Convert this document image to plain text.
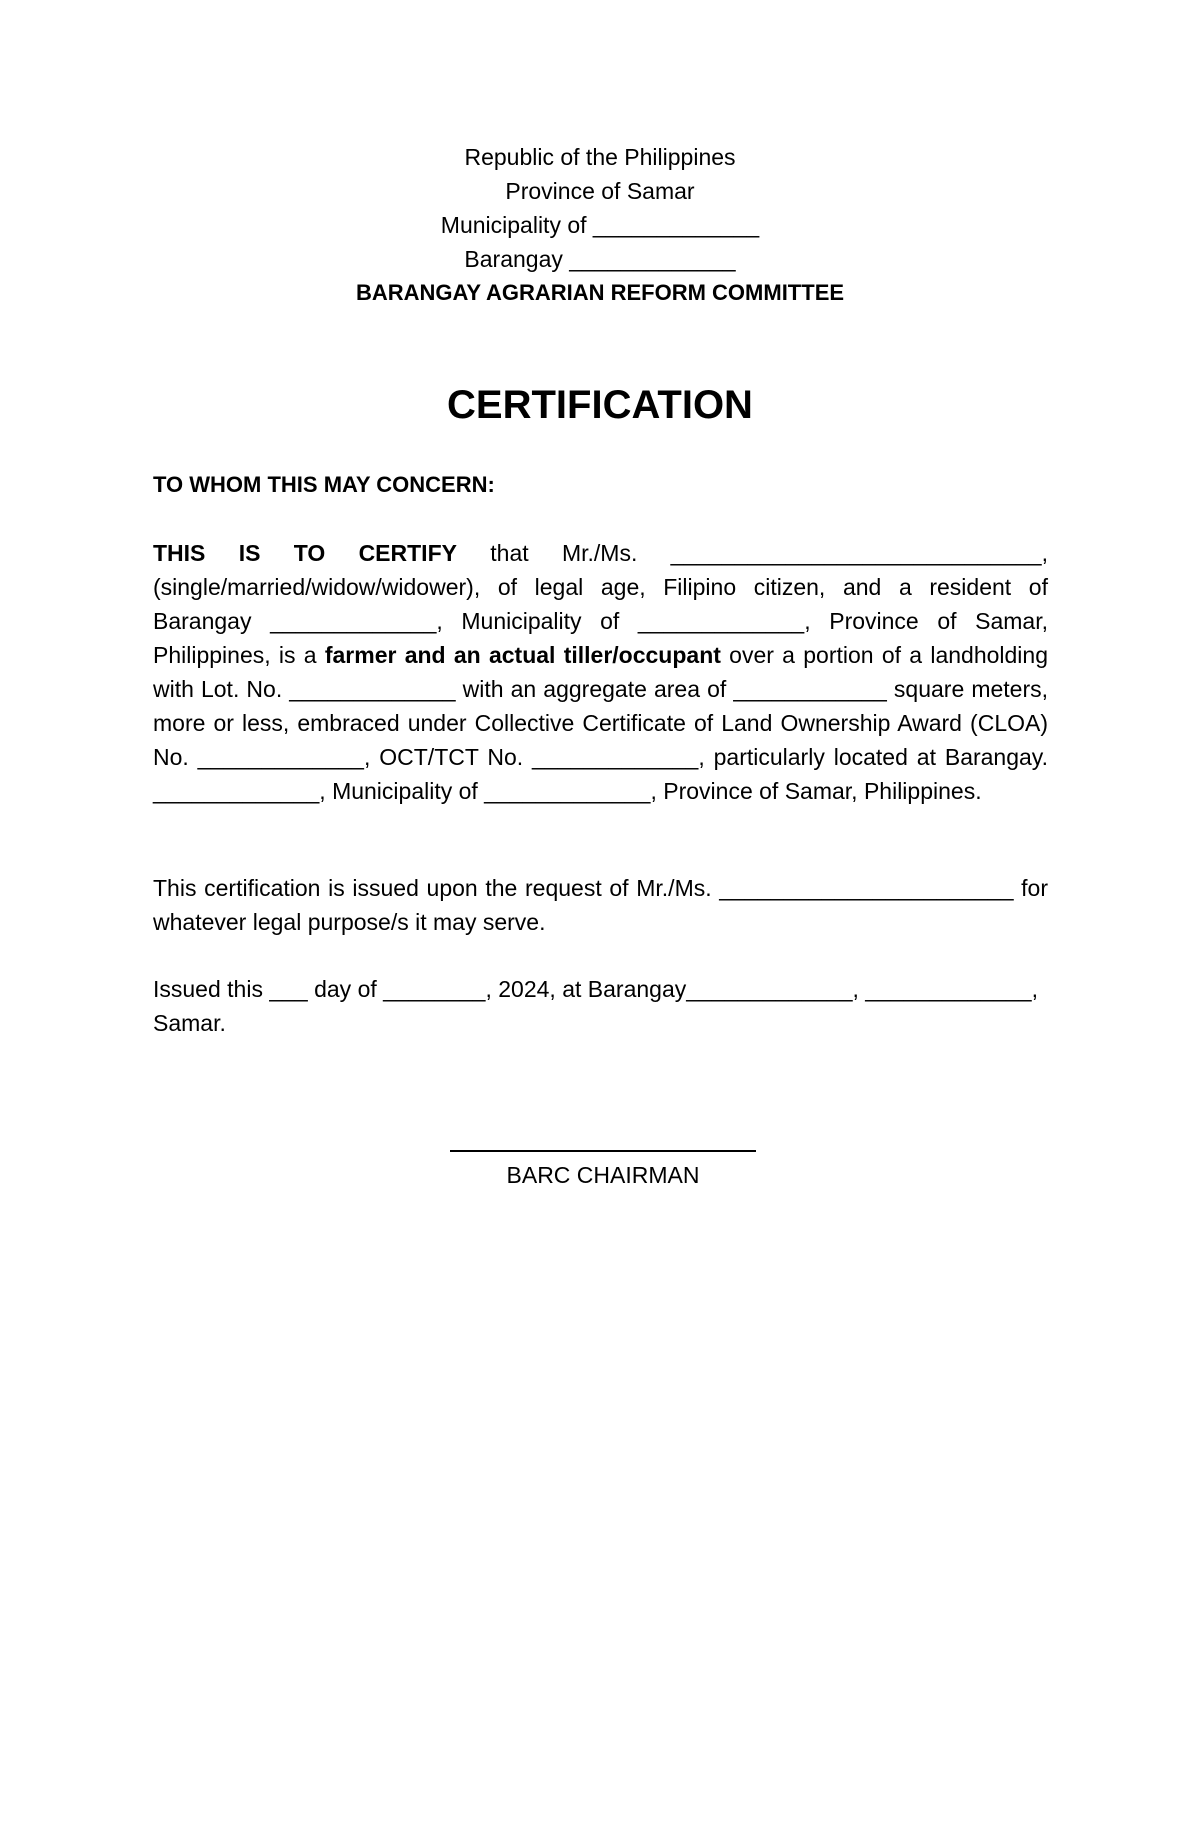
Republic of the Philippines
Province of Samar
Municipality of _____________
Barangay _____________
BARANGAY AGRARIAN REFORM COMMITTEE
CERTIFICATION
TO WHOM THIS MAY CONCERN:
THIS IS TO CERTIFY that Mr./Ms. _____________________________, (single/married/widow/widower), of legal age, Filipino citizen, and a resident of Barangay _____________, Municipality of _____________, Province of Samar, Philippines, is a farmer and an actual tiller/occupant over a portion of a landholding with Lot. No. _____________ with an aggregate area of ____________ square meters, more or less, embraced under Collective Certificate of Land Ownership Award (CLOA) No. _____________, OCT/TCT No. _____________, particularly located at Barangay. _____________, Municipality of _____________, Province of Samar, Philippines.
This certification is issued upon the request of Mr./Ms. _______________________ for whatever legal purpose/s it may serve.
Issued this ___ day of ________, 2024, at Barangay_____________, _____________, Samar.
BARC CHAIRMAN
